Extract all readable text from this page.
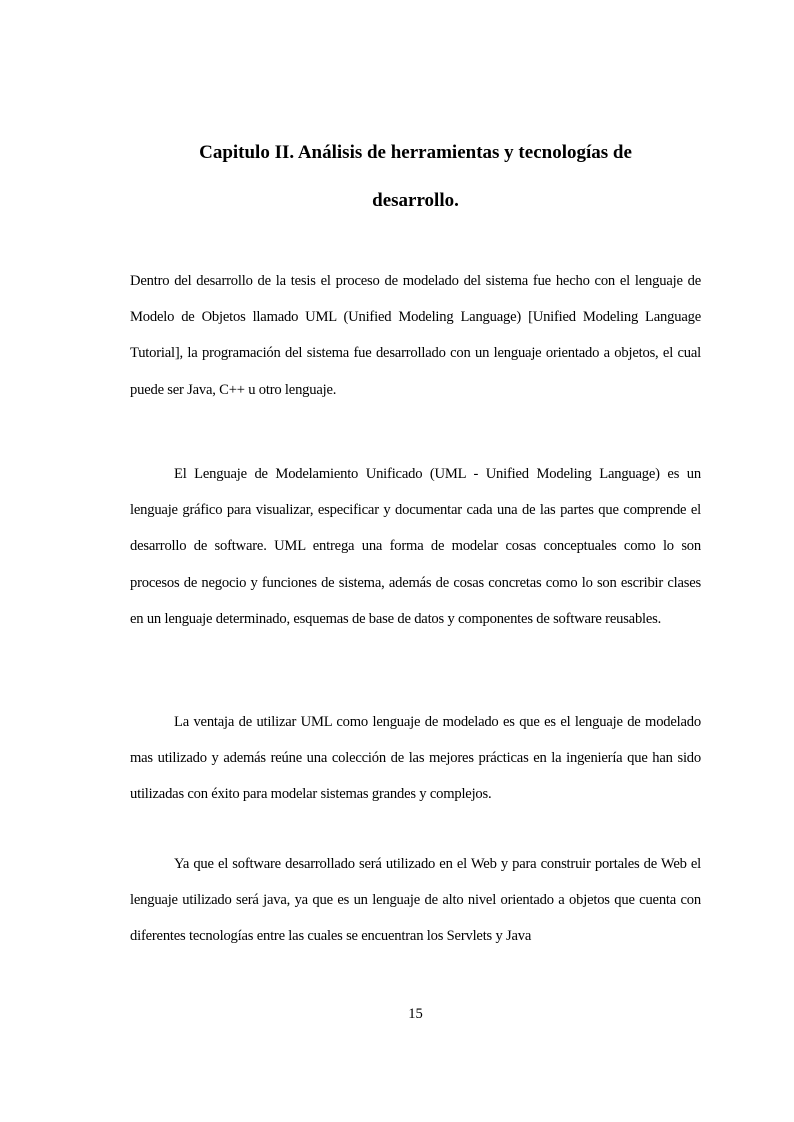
Capitulo II. Análisis de herramientas y tecnologías de
desarrollo.

Dentro del desarrollo de la tesis el proceso de modelado del sistema fue hecho con el lenguaje de Modelo de Objetos llamado UML (Unified Modeling Language) [Unified Modeling Language Tutorial], la programación del sistema fue desarrollado con un lenguaje orientado a objetos, el cual puede ser Java, C++ u otro lenguaje.

El Lenguaje de Modelamiento Unificado (UML - Unified Modeling Language) es un lenguaje gráfico para visualizar, especificar y documentar cada una de las partes que comprende el desarrollo de software. UML entrega una forma de modelar cosas conceptuales como lo son procesos de negocio y funciones de sistema, además de cosas concretas como lo son escribir clases en un lenguaje determinado, esquemas de base de datos y componentes de software reusables.

La ventaja de utilizar UML como lenguaje de modelado es que es el lenguaje de modelado mas utilizado y además reúne una colección de las mejores prácticas en la ingeniería que han sido utilizadas con éxito para modelar sistemas grandes y complejos.

Ya que el software desarrollado será utilizado en el Web y para construir portales de Web el lenguaje utilizado será java, ya que es un lenguaje de alto nivel orientado a objetos que cuenta con diferentes tecnologías entre las cuales se encuentran los Servlets y Java

15
